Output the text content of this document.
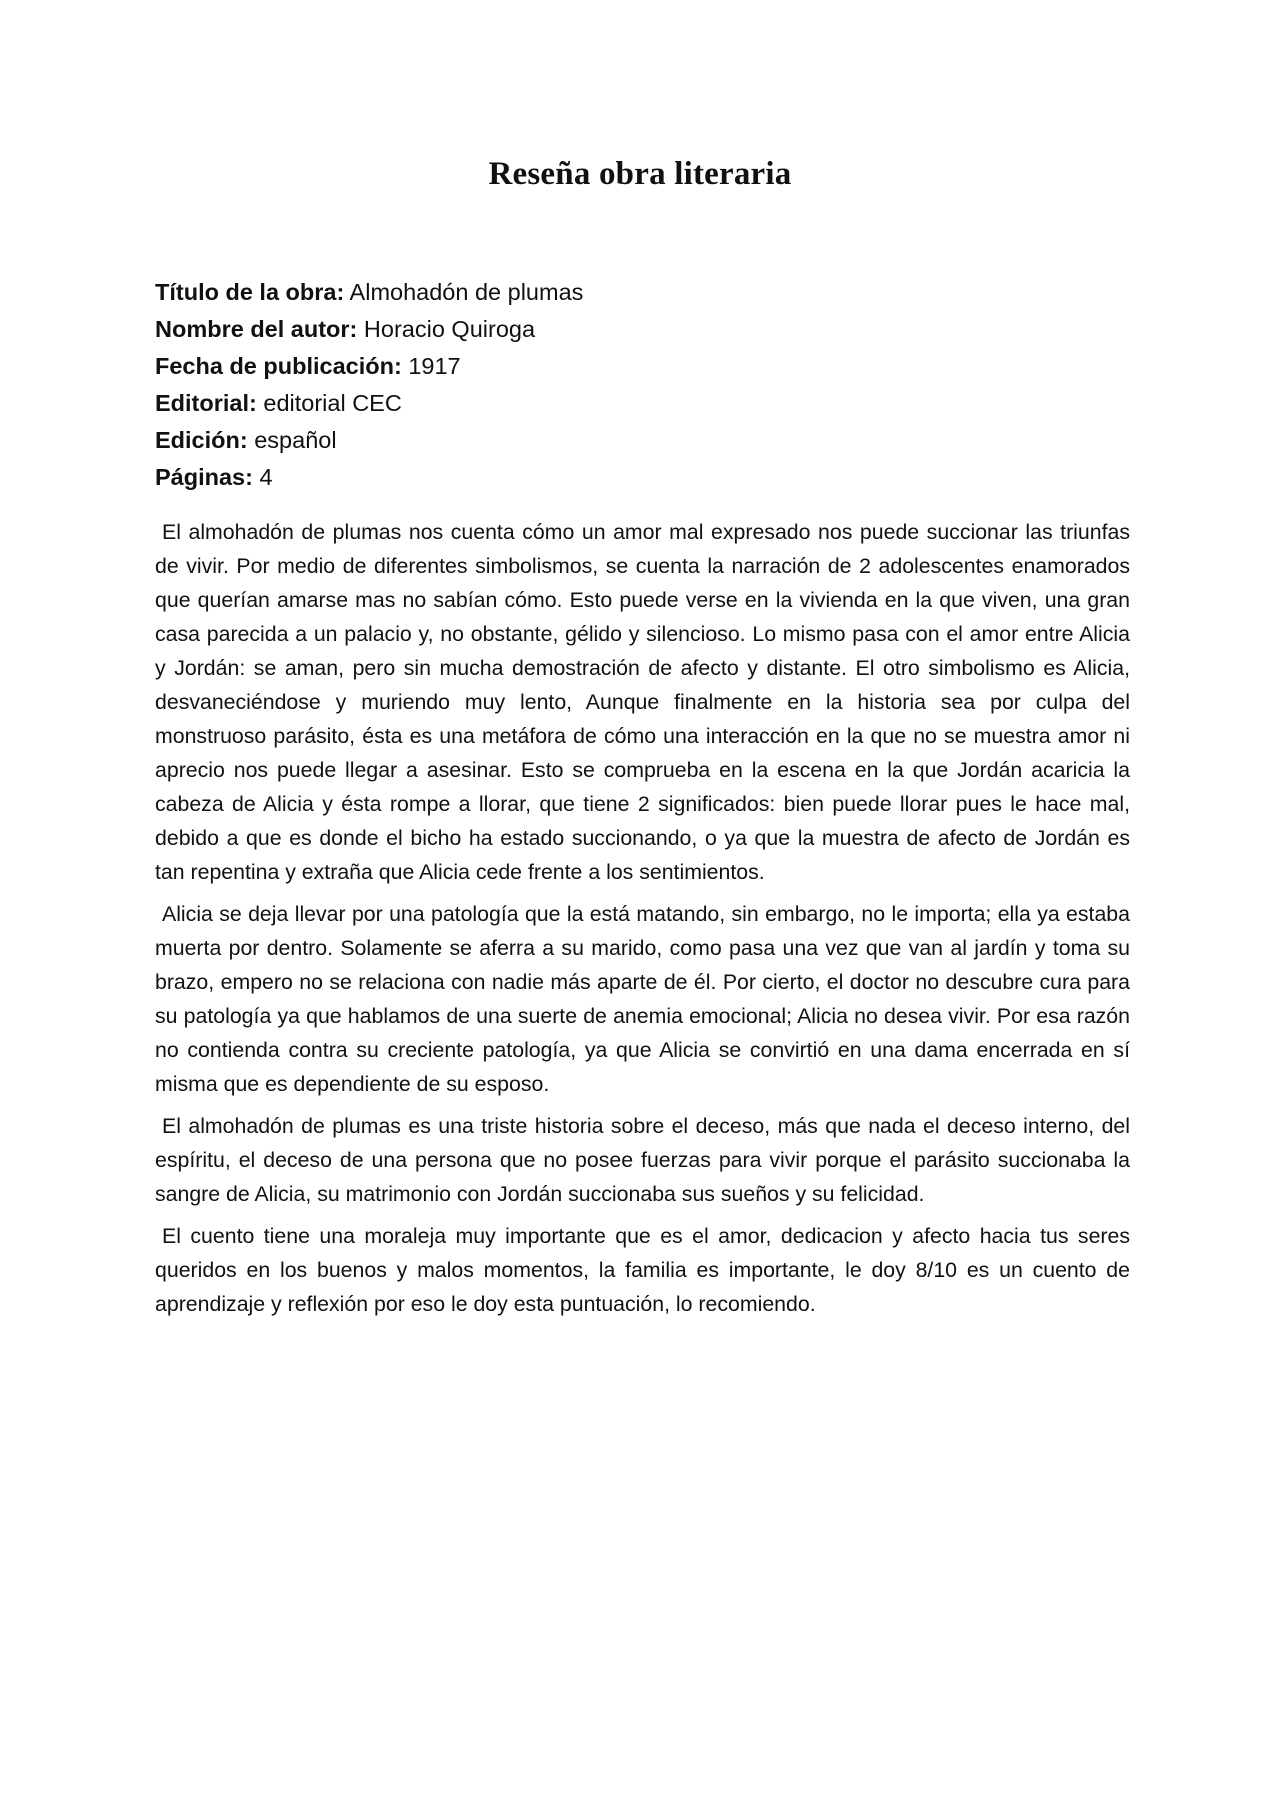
Reseña obra literaria
Título de la obra: Almohadón de plumas
Nombre del autor: Horacio Quiroga
Fecha de publicación: 1917
Editorial: editorial CEC
Edición: español
Páginas: 4

El almohadón de plumas nos cuenta cómo un amor mal expresado nos puede succionar las triunfas de vivir. Por medio de diferentes simbolismos, se cuenta la narración de 2 adolescentes enamorados que querían amarse mas no sabían cómo. Esto puede verse en la vivienda en la que viven, una gran casa parecida a un palacio y, no obstante, gélido y silencioso. Lo mismo pasa con el amor entre Alicia y Jordán: se aman, pero sin mucha demostración de afecto y distante. El otro simbolismo es Alicia, desvaneciéndose y muriendo muy lento, Aunque finalmente en la historia sea por culpa del monstruoso parásito, ésta es una metáfora de cómo una interacción en la que no se muestra amor ni aprecio nos puede llegar a asesinar. Esto se comprueba en la escena en la que Jordán acaricia la cabeza de Alicia y ésta rompe a llorar, que tiene 2 significados: bien puede llorar pues le hace mal, debido a que es donde el bicho ha estado succionando, o ya que la muestra de afecto de Jordán es tan repentina y extraña que Alicia cede frente a los sentimientos.

Alicia se deja llevar por una patología que la está matando, sin embargo, no le importa; ella ya estaba muerta por dentro. Solamente se aferra a su marido, como pasa una vez que van al jardín y toma su brazo, empero no se relaciona con nadie más aparte de él. Por cierto, el doctor no descubre cura para su patología ya que hablamos de una suerte de anemia emocional; Alicia no desea vivir. Por esa razón no contienda contra su creciente patología, ya que Alicia se convirtió en una dama encerrada en sí misma que es dependiente de su esposo.

El almohadón de plumas es una triste historia sobre el deceso, más que nada el deceso interno, del espíritu, el deceso de una persona que no posee fuerzas para vivir porque el parásito succionaba la sangre de Alicia, su matrimonio con Jordán succionaba sus sueños y su felicidad.

El cuento tiene una moraleja muy importante que es el amor, dedicacion y afecto hacia tus seres queridos en los buenos y malos momentos, la familia es importante, le doy 8/10 es un cuento de aprendizaje y reflexión por eso le doy esta puntuación, lo recomiendo.
